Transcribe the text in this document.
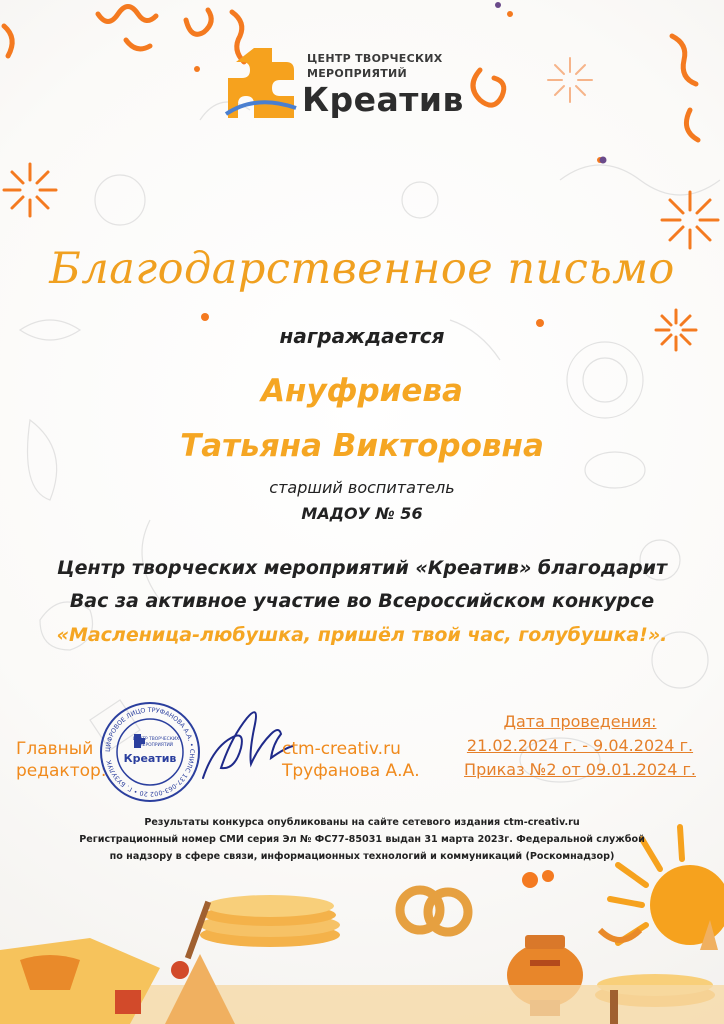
ЦЕНТР ТВОРЧЕСКИХ
МЕРОПРИЯТИЙ
Креатив
Благодарственное письмо
награждается
Ануфриева
Татьяна Викторовна
старший воспитатель
МАДОУ № 56
Центр творческих мероприятий «Креатив» благодарит
Вас за активное участие во Всероссийском конкурсе
«Масленица-любушка, пришёл твой час, голубушка!».
Главный
редактор:
ЦИФРОВОЕ ЛИЦО ТРУФАНОВА А.А. • СНИЛС 137-063-002 20 • Г. БУЗУЛУК
ЦЕНТР ТВОРЧЕСКИХ
МЕРОПРИЯТИЙ
Креатив	ctm-creativ.ru
Труфанова А.А.
Дата проведения:
21.02.2024 г. - 9.04.2024 г.
Приказ №2 от 09.01.2024 г.
Результаты конкурса опубликованы на сайте сетевого издания ctm-creativ.ru
Регистрационный номер СМИ серия Эл № ФС77-85031 выдан 31 марта 2023г. Федеральной службой
по надзору в сфере связи, информационных технологий и коммуникаций (Роскомнадзор)
